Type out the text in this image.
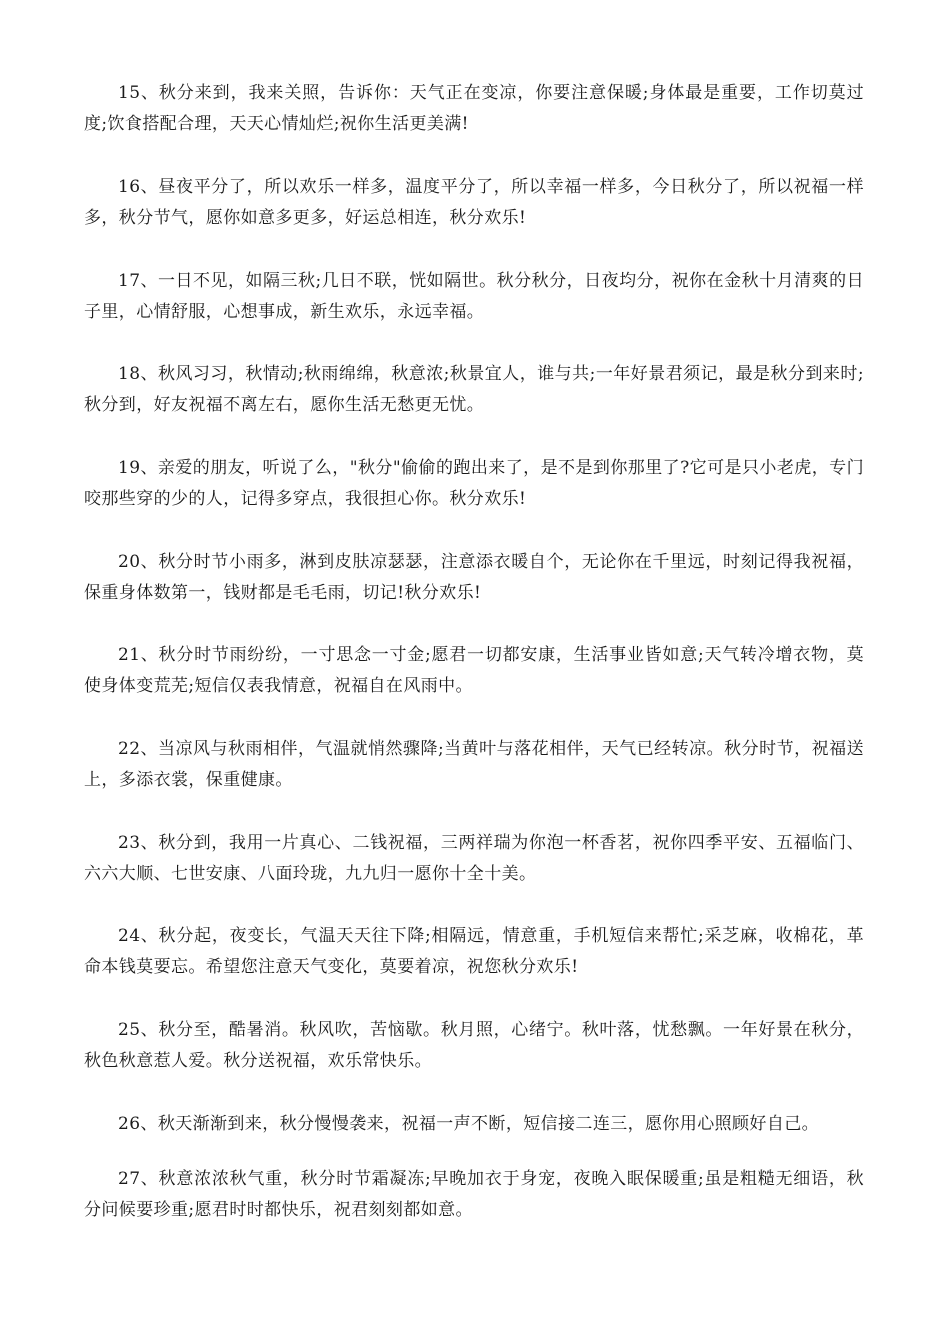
15、秋分来到，我来关照，告诉你：天气正在变凉，你要注意保暖;身体最是重要，工作切莫过度;饮食搭配合理，天天心情灿烂;祝你生活更美满!

16、昼夜平分了，所以欢乐一样多，温度平分了，所以幸福一样多，今日秋分了，所以祝福一样多，秋分节气，愿你如意多更多，好运总相连，秋分欢乐!

17、一日不见，如隔三秋;几日不联，恍如隔世。秋分秋分，日夜均分，祝你在金秋十月清爽的日子里，心情舒服，心想事成，新生欢乐，永远幸福。

18、秋风习习，秋情动;秋雨绵绵，秋意浓;秋景宜人，谁与共;一年好景君须记，最是秋分到来时;秋分到，好友祝福不离左右，愿你生活无愁更无忧。

19、亲爱的朋友，听说了么，"秋分"偷偷的跑出来了，是不是到你那里了?它可是只小老虎，专门咬那些穿的少的人，记得多穿点，我很担心你。秋分欢乐!

20、秋分时节小雨多，淋到皮肤凉瑟瑟，注意添衣暖自个，无论你在千里远，时刻记得我祝福，保重身体数第一，钱财都是毛毛雨，切记!秋分欢乐!

21、秋分时节雨纷纷，一寸思念一寸金;愿君一切都安康，生活事业皆如意;天气转冷增衣物，莫使身体变荒芜;短信仅表我情意，祝福自在风雨中。

22、当凉风与秋雨相伴，气温就悄然骤降;当黄叶与落花相伴，天气已经转凉。秋分时节，祝福送上，多添衣裳，保重健康。

23、秋分到，我用一片真心、二钱祝福，三两祥瑞为你泡一杯香茗，祝你四季平安、五福临门、六六大顺、七世安康、八面玲珑，九九归一愿你十全十美。

24、秋分起，夜变长，气温天天往下降;相隔远，情意重，手机短信来帮忙;采芝麻，收棉花，革命本钱莫要忘。希望您注意天气变化，莫要着凉，祝您秋分欢乐!

25、秋分至，酷暑消。秋风吹，苦恼歇。秋月照，心绪宁。秋叶落，忧愁飘。一年好景在秋分，秋色秋意惹人爱。秋分送祝福，欢乐常快乐。

26、秋天渐渐到来，秋分慢慢袭来，祝福一声不断，短信接二连三，愿你用心照顾好自己。

27、秋意浓浓秋气重，秋分时节霜凝冻;早晚加衣于身宠，夜晚入眠保暖重;虽是粗糙无细语，秋分问候要珍重;愿君时时都快乐，祝君刻刻都如意。
